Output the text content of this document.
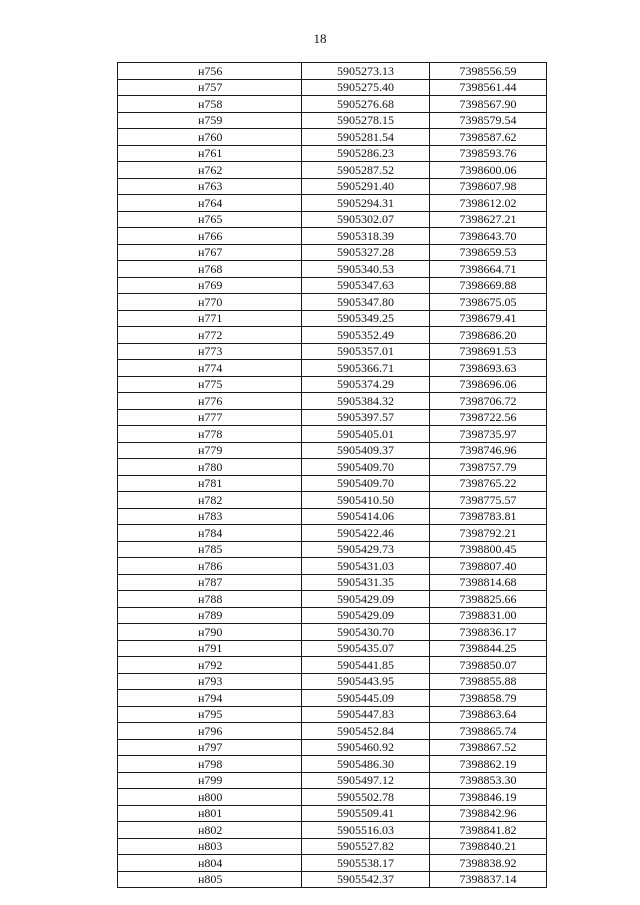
18
н756	5905273.13	7398556.59
н757	5905275.40	7398561.44
н758	5905276.68	7398567.90
н759	5905278.15	7398579.54
н760	5905281.54	7398587.62
н761	5905286.23	7398593.76
н762	5905287.52	7398600.06
н763	5905291.40	7398607.98
н764	5905294.31	7398612.02
н765	5905302.07	7398627.21
н766	5905318.39	7398643.70
н767	5905327.28	7398659.53
н768	5905340.53	7398664.71
н769	5905347.63	7398669.88
н770	5905347.80	7398675.05
н771	5905349.25	7398679.41
н772	5905352.49	7398686.20
н773	5905357.01	7398691.53
н774	5905366.71	7398693.63
н775	5905374.29	7398696.06
н776	5905384.32	7398706.72
н777	5905397.57	7398722.56
н778	5905405.01	7398735.97
н779	5905409.37	7398746.96
н780	5905409.70	7398757.79
н781	5905409.70	7398765.22
н782	5905410.50	7398775.57
н783	5905414.06	7398783.81
н784	5905422.46	7398792.21
н785	5905429.73	7398800.45
н786	5905431.03	7398807.40
н787	5905431.35	7398814.68
н788	5905429.09	7398825.66
н789	5905429.09	7398831.00
н790	5905430.70	7398836.17
н791	5905435.07	7398844.25
н792	5905441.85	7398850.07
н793	5905443.95	7398855.88
н794	5905445.09	7398858.79
н795	5905447.83	7398863.64
н796	5905452.84	7398865.74
н797	5905460.92	7398867.52
н798	5905486.30	7398862.19
н799	5905497.12	7398853.30
н800	5905502.78	7398846.19
н801	5905509.41	7398842.96
н802	5905516.03	7398841.82
н803	5905527.82	7398840.21
н804	5905538.17	7398838.92
н805	5905542.37	7398837.14
